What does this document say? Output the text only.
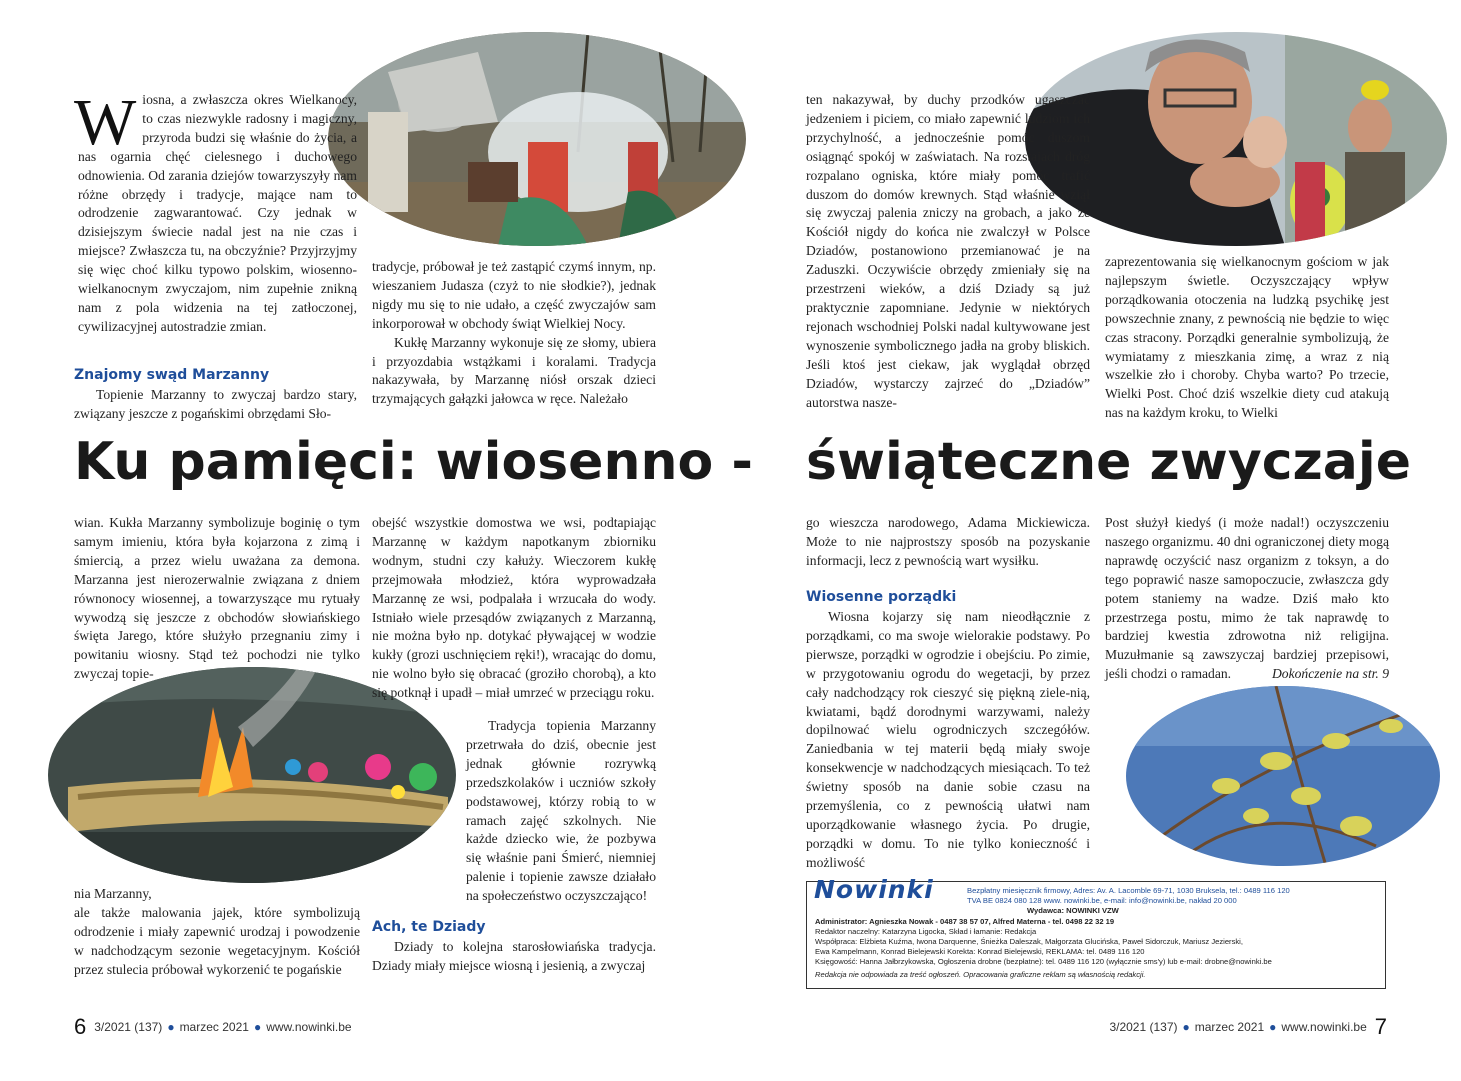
W iosna, a zwłaszcza okres Wielkanocy, to czas niezwykle radosny i magiczny, przyroda budzi się właśnie do życia, a nas ogarnia chęć cielesnego i duchowego odnowienia. Od zarania dziejów towarzyszyły nam różne obrzędy i tradycje, mające nam to odrodzenie zagwarantować. Czy jednak w dzisiejszym świecie nadal jest na nie czas i miejsce? Zwłaszcza tu, na obczyźnie? Przyjrzyjmy się więc choć kilku typowo polskim, wiosenno-wielkanocnym zwyczajom, nim zupełnie znikną nam z pola widzenia na tej zatłoczonej, cywilizacyjnej autostradzie zmian.
Znajomy swąd Marzanny
Topienie Marzanny to zwyczaj bardzo stary, związany jeszcze z pogańskimi obrzędami Sło-

tradycje, próbował je też zastąpić czymś innym, np. wieszaniem Judasza (czyż to nie słodkie?), jednak nigdy mu się to nie udało, a część zwyczajów sam inkorporował w obchody świąt Wielkiej Nocy.

Kukłę Marzanny wykonuje się ze słomy, ubiera i przyozdabia wstążkami i koralami. Tradycja nakazywała, by Marzannę niósł orszak dzieci trzymających gałązki jałowca w ręce. Należało

Ku pamięci: wiosenno - świąteczne zwyczaje
wian. Kukła Marzanny symbolizuje boginię o tym samym imieniu, która była kojarzona z zimą i śmiercią, a przez wielu uważana za demona. Marzanna jest nierozerwalnie związana z dniem równonocy wiosennej, a towarzyszące mu rytuały wywodzą się jeszcze z obchodów słowiańskiego święta Jarego, które służyło przegnaniu zimy i powitaniu wiosny. Stąd też pochodzi nie tylko zwyczaj topie-

nia Marzanny,

ale także malowania jajek, które symbolizują odrodzenie i miały zapewnić urodzaj i powodzenie w nadchodzącym sezonie wegetacyjnym. Kościół przez stulecia próbował wykorzenić te pogańskie

obejść wszystkie domostwa we wsi, podtapiając Marzannę w każdym napotkanym zbiorniku wodnym, studni czy kałuży. Wieczorem kukłę przejmowała młodzież, która wyprowadzała Marzannę ze wsi, podpalała i wrzucała do wody. Istniało wiele przesądów związanych z Marzanną, nie można było np. dotykać pływającej w wodzie kukły (grozi uschnięciem ręki!), wracając do domu, nie wolno było się obracać (groziło chorobą), a kto się potknął i upadł – miał umrzeć w przeciągu roku.
Tradycja topienia Marzanny przetrwała do dziś, obecnie jest jednak głównie rozrywką przedszkolaków i uczniów szkoły podstawowej, którzy robią to w ramach zajęć szkolnych. Nie każde dziecko wie, że pozbywa się właśnie pani Śmierć, niemniej palenie i topienie zawsze działało na społeczeństwo oczyszczająco!
Ach, te Dziady
Dziady to kolejna starosłowiańska tradycja. Dziady miały miejsce wiosną i jesienią, a zwyczaj
ten nakazywał, by duchy przodków ugaszczać jedzeniem i piciem, co miało zapewnić ludziom ich przychylność, a jednocześnie pomóc duszom osiągnąć spokój w zaświatach. Na rozstajach dróg rozpalano ogniska, które miały pomóc trafić duszom do domów krewnych. Stąd właśnie wziął się zwyczaj palenia zniczy na grobach, a jako że Kościół nigdy do końca nie zwalczył w Polsce Dziadów, postanowiono przemianować je na Zaduszki. Oczywiście obrzędy zmieniały się na przestrzeni wieków, a dziś Dziady są już praktycznie zapomniane. Jedynie w niektórych rejonach wschodniej Polski nadal kultywowane jest wynoszenie symbolicznego jadła na groby bliskich. Jeśli ktoś jest ciekaw, jak wyglądał obrzęd Dziadów, wystarczy zajrzeć do „Dziadów” autorstwa nasze-
zaprezentowania się wielkanocnym gościom w jak najlepszym świetle. Oczyszczający wpływ porządkowania otoczenia na ludzką psychikę jest powszechnie znany, z pewnością nie będzie to więc czas stracony. Porządki generalnie symbolizują, że wymiatamy z mieszkania zimę, a wraz z nią wszelkie zło i choroby. Chyba warto? Po trzecie, Wielki Post. Choć dziś wszelkie diety cud atakują nas na każdym kroku, to Wielki
go wieszcza narodowego, Adama Mickiewicza. Może to nie najprostszy sposób na pozyskanie informacji, lecz z pewnością wart wysiłku.
Wiosenne porządki
Wiosna kojarzy się nam nieodłącznie z porządkami, co ma swoje wielorakie podstawy. Po pierwsze, porządki w ogrodzie i obejściu. Po zimie, w przygotowaniu ogrodu do wegetacji, by przez cały nadchodzący rok cieszyć się piękną ziele-nią, kwiatami, bądź dorodnymi warzywami, należy dopilnować wielu ogrodniczych szczegółów. Zaniedbania w tej materii będą miały swoje konsekwencje w nadchodzących miesiącach. To też świetny sposób na danie sobie czasu na przemyślenia, co z pewnością ułatwi nam uporządkowanie własnego życia. Po drugie, porządki w domu. To nie tylko konieczność i możliwość

Post służył kiedyś (i może nadal!) oczyszczeniu naszego organizmu. 40 dni ograniczonej diety mogą naprawdę oczyścić nasz organizm z toksyn, a do tego poprawić nasze samopoczucie, zwłaszcza gdy potem staniemy na wadze. Dziś mało kto przestrzega postu, mimo że tak naprawdę to bardziej kwestia zdrowotna niż religijna. Muzułmanie są zawszyczaj bardziej przepisowi, jeśli chodzi o ramadan.	Dokończenie na str. 9

Nowinki	Bezpłatny miesięcznik firmowy, Adres: Av. A. Lacomble 69-71, 1030 Bruksela, tel.: 0489 116 120
TVA BE 0824 080 128 www. nowinki.be, e-mail: info@nowinki.be, nakład 20 000
Wydawca: NOWINKI VZW
Administrator: Agnieszka Nowak - 0487 38 57 07, Alfred Materna - tel. 0498 22 32 19
Redaktor naczelny: Katarzyna Ligocka, Skład i łamanie: Redakcja
Współpraca: Elżbieta Kuźma, Iwona Darquenne, Śnieżka Daleszak, Małgorzata Glucińska, Paweł Sidorczuk, Mariusz Jezierski,
Ewa Kampelmann, Konrad Bielejewski Korekta: Konrad Bielejewski, REKLAMA: tel. 0489 116 120
Księgowość: Hanna Jałbrzykowska, Ogłoszenia drobne (bezpłatne): tel. 0489 116 120 (wyłącznie sms'y) lub e-mail: drobne@nowinki.be
Redakcja nie odpowiada za treść ogłoszeń. Opracowania graficzne reklam są własnością redakcji.
6 3/2021 (137) ● marzec 2021 ● www.nowinki.be	3/2021 (137) ● marzec 2021 ● www.nowinki.be 7
